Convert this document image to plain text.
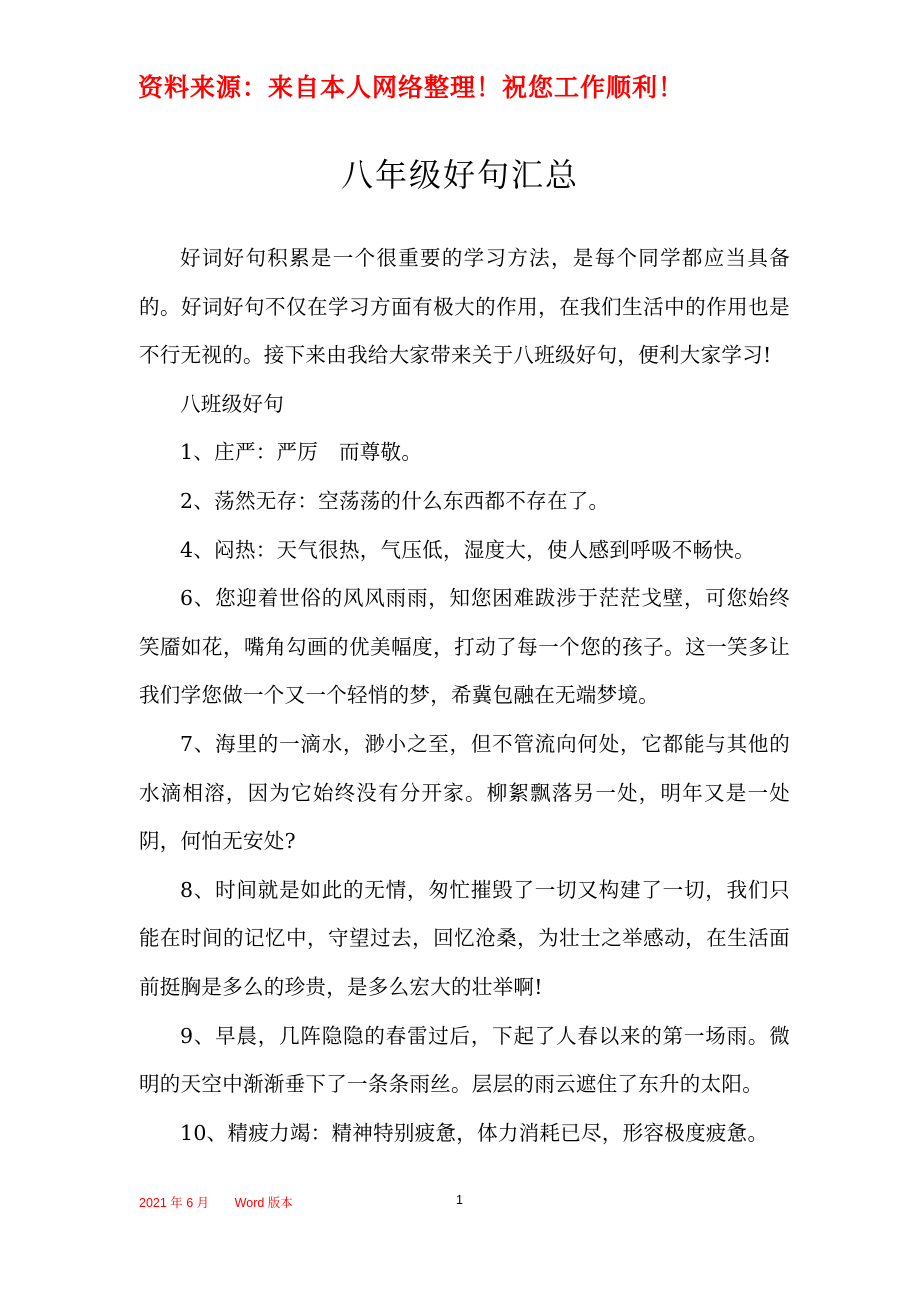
资料来源：来自本人网络整理！祝您工作顺利！
八年级好句汇总

好词好句积累是一个很重要的学习方法，是每个同学都应当具备的。好词好句不仅在学习方面有极大的作用，在我们生活中的作用也是不行无视的。接下来由我给大家带来关于八班级好句，便利大家学习!

八班级好句

1、庄严：严厉　而尊敬。

2、荡然无存：空荡荡的什么东西都不存在了。

4、闷热：天气很热，气压低，湿度大，使人感到呼吸不畅快。

6、您迎着世俗的风风雨雨，知您困难跋涉于茫茫戈壁，可您始终笑靥如花，嘴角勾画的优美幅度，打动了每一个您的孩子。这一笑多让我们学您做一个又一个轻悄的梦，希冀包融在无端梦境。

7、海里的一滴水，渺小之至，但不管流向何处，它都能与其他的水滴相溶，因为它始终没有分开家。柳絮飘落另一处，明年又是一处阴，何怕无安处?

8、时间就是如此的无情，匆忙摧毁了一切又构建了一切，我们只能在时间的记忆中，守望过去，回忆沧桑，为壮士之举感动，在生活面前挺胸是多么的珍贵，是多么宏大的壮举啊!

9、早晨，几阵隐隐的春雷过后，下起了人春以来的第一场雨。微明的天空中渐渐垂下了一条条雨丝。层层的雨云遮住了东升的太阳。

10、精疲力竭：精神特别疲惫，体力消耗已尽，形容极度疲惫。

2021 年 6 月 Word 版本	1
